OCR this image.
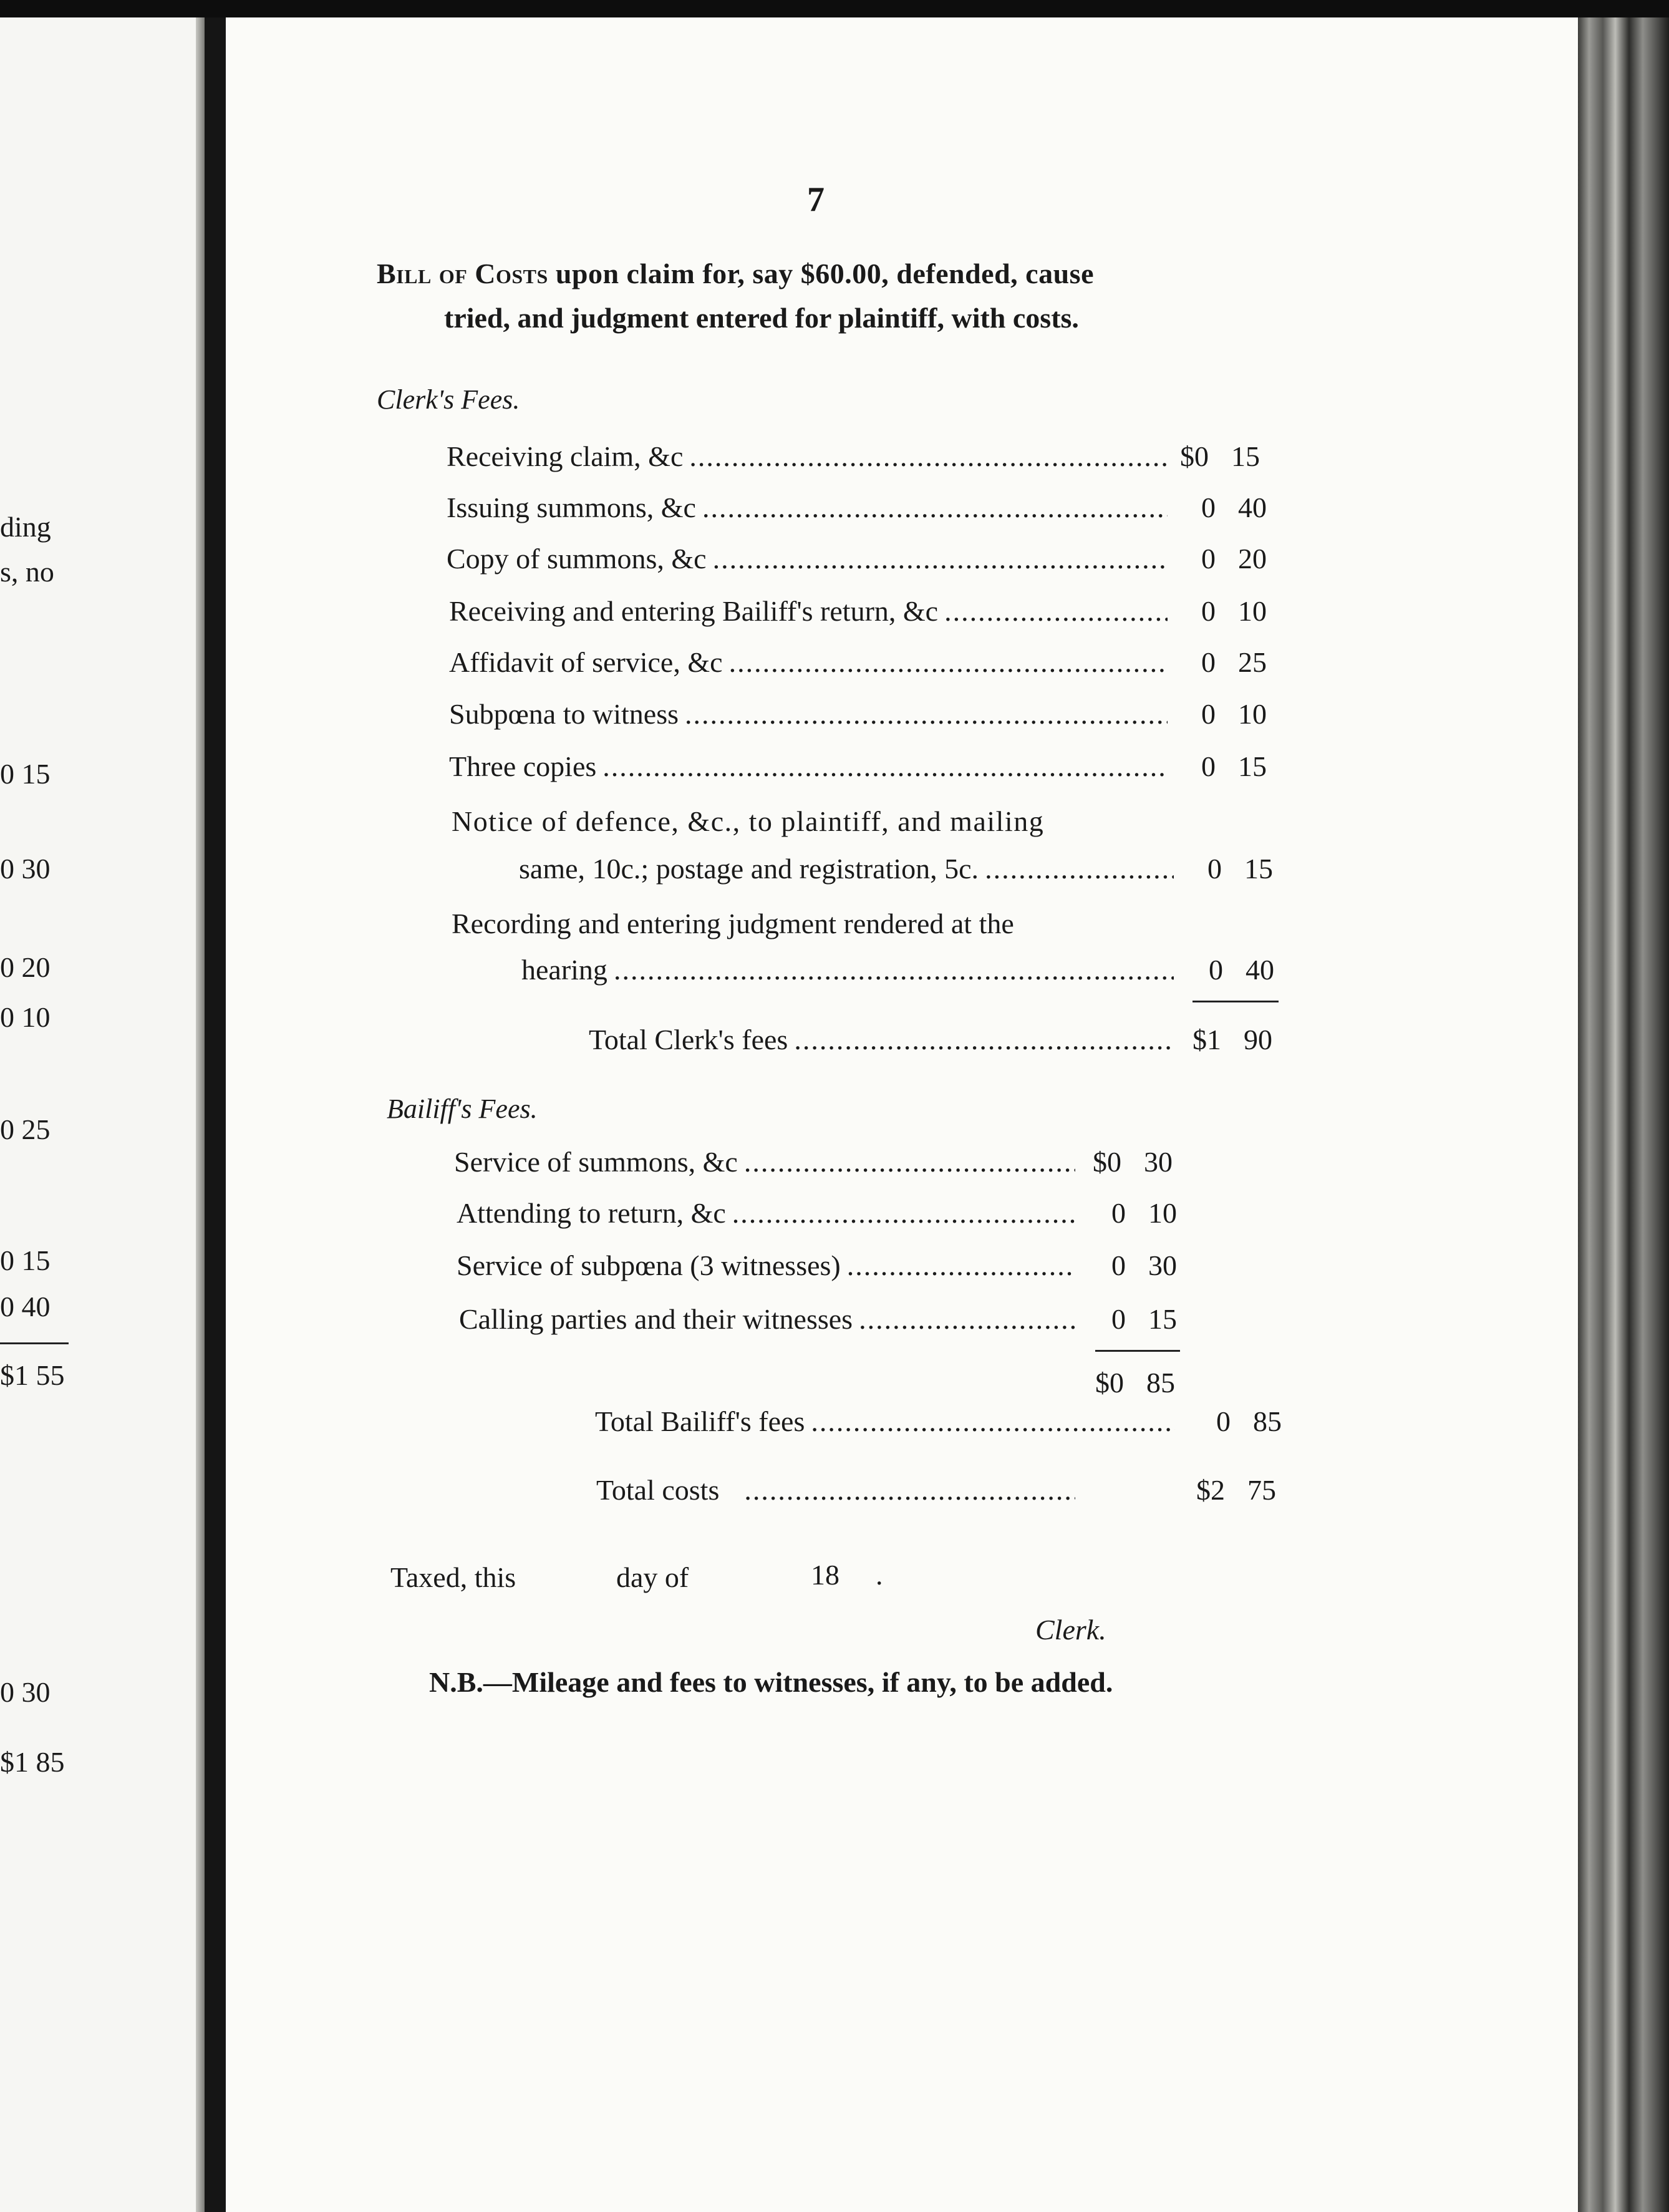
ding
s, no
0 15
0 30
0 20
0 10
0 25
0 15
0 40
$1 55
0 30
$1 85
7
Bill of Costs upon claim for, say $60.00, defended, cause
tried, and judgment entered for plaintiff, with costs.
Clerk's Fees.
Receiving claim, &c .....	$0 15
Issuing summons, &c .....	0 40
Copy of summons, &c .....	0 20
Receiving and entering Bailiff's return, &c .....	0 10
Affidavit of service, &c .....	0 25
Subpœna to witness .....	0 10
Three copies .....	0 15
Notice of defence, &c., to plaintiff, and mailing
same, 10c.; postage and registration, 5c. .....	0 15
Recording and entering judgment rendered at the
hearing .....	0 40
Total Clerk's fees .....	$1 90
Bailiff's Fees.
Service of summons, &c .....	$0 30
Attending to return, &c .....	0 10
Service of subpœna (3 witnesses) .....	0 30
Calling parties and their witnesses .....	0 15
$0 85
Total Bailiff's fees .....	0 85
Total costs .....	$2 75
Taxed, this	day of	18 .
Clerk.
N.B.—Mileage and fees to witnesses, if any, to be added.
